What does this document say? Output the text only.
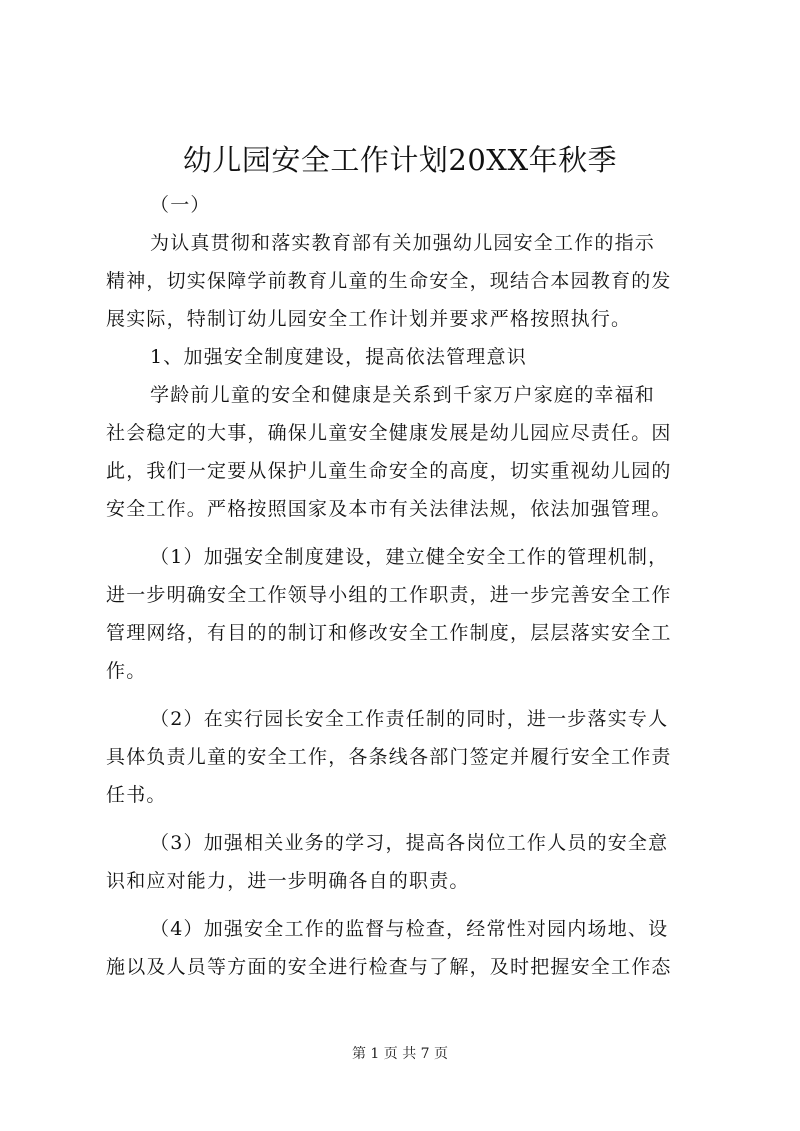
幼儿园安全工作计划20XX年秋季
（一）
为认真贯彻和落实教育部有关加强幼儿园安全工作的指示
精神，切实保障学前教育儿童的生命安全，现结合本园教育的发
展实际，特制订幼儿园安全工作计划并要求严格按照执行。
1、加强安全制度建设，提高依法管理意识
学龄前儿童的安全和健康是关系到千家万户家庭的幸福和
社会稳定的大事，确保儿童安全健康发展是幼儿园应尽责任。因
此，我们一定要从保护儿童生命安全的高度，切实重视幼儿园的
安全工作。严格按照国家及本市有关法律法规，依法加强管理。
（1）加强安全制度建设，建立健全安全工作的管理机制，
进一步明确安全工作领导小组的工作职责，进一步完善安全工作
管理网络，有目的的制订和修改安全工作制度，层层落实安全工
作。
（2）在实行园长安全工作责任制的同时，进一步落实专人
具体负责儿童的安全工作，各条线各部门签定并履行安全工作责
任书。
（3）加强相关业务的学习，提高各岗位工作人员的安全意
识和应对能力，进一步明确各自的职责。
（4）加强安全工作的监督与检查，经常性对园内场地、设
施以及人员等方面的安全进行检查与了解，及时把握安全工作态
第 1 页 共 7 页
